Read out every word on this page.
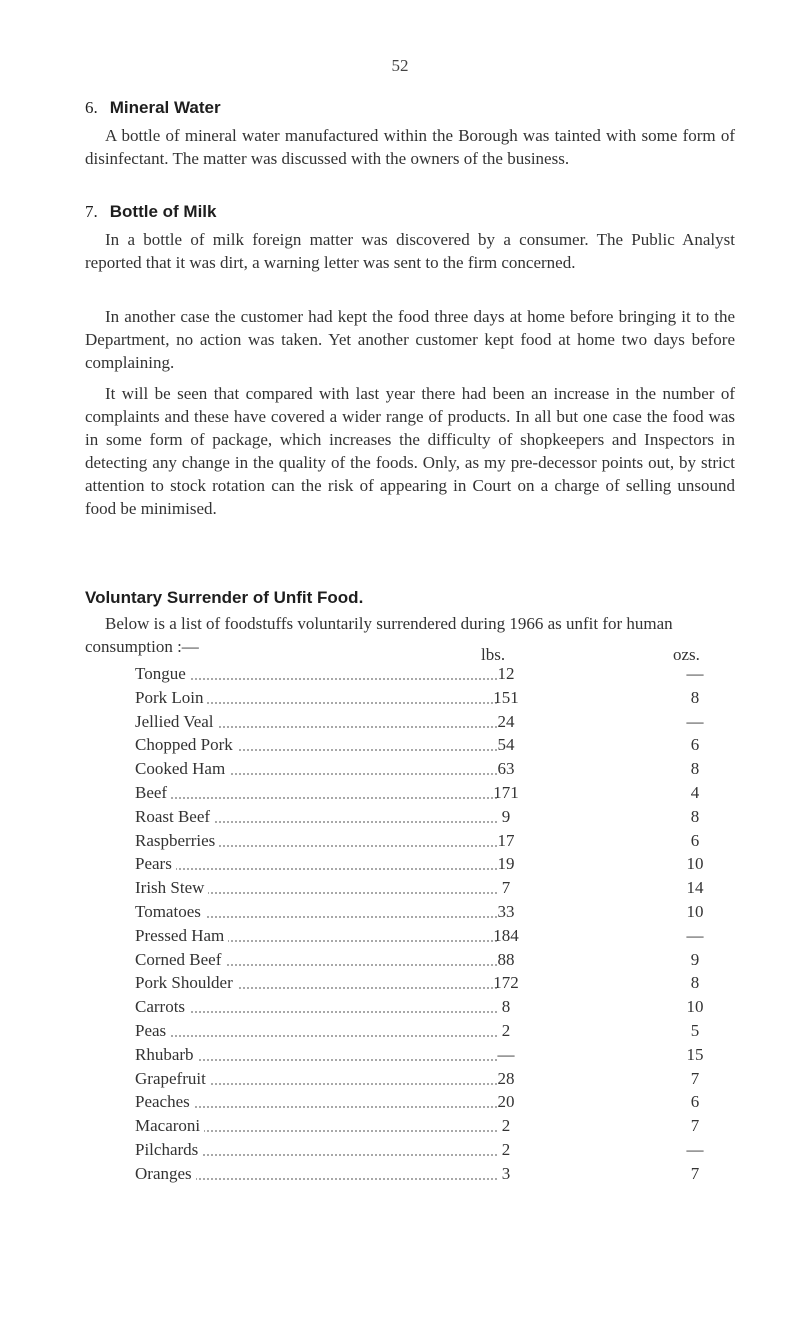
52
6. Mineral Water
A bottle of mineral water manufactured within the Borough was tainted with some form of disinfectant. The matter was discussed with the owners of the business.
7. Bottle of Milk
In a bottle of milk foreign matter was discovered by a consumer. The Public Analyst reported that it was dirt, a warning letter was sent to the firm concerned.
In another case the customer had kept the food three days at home before bringing it to the Department, no action was taken. Yet another customer kept food at home two days before complaining.
It will be seen that compared with last year there had been an increase in the number of complaints and these have covered a wider range of products. In all but one case the food was in some form of package, which increases the difficulty of shopkeepers and Inspectors in detecting any change in the quality of the foods. Only, as my pre-decessor points out, by strict attention to stock rotation can the risk of appearing in Court on a charge of selling unsound food be minimised.
Voluntary Surrender of Unfit Food.
Below is a list of foodstuffs voluntarily surrendered during 1966 as unfit for human consumption :—	lbs.	ozs.
Tongue	12	—
Pork Loin	151	8
Jellied Veal	24	—
Chopped Pork	54	6
Cooked Ham	63	8
Beef	171	4
Roast Beef	9	8
Raspberries	17	6
Pears	19	10
Irish Stew	7	14
Tomatoes	33	10
Pressed Ham	184	—
Corned Beef	88	9
Pork Shoulder	172	8
Carrots	8	10
Peas	2	5
Rhubarb	—	15
Grapefruit	28	7
Peaches	20	6
Macaroni	2	7
Pilchards	2	—
Oranges	3	7
